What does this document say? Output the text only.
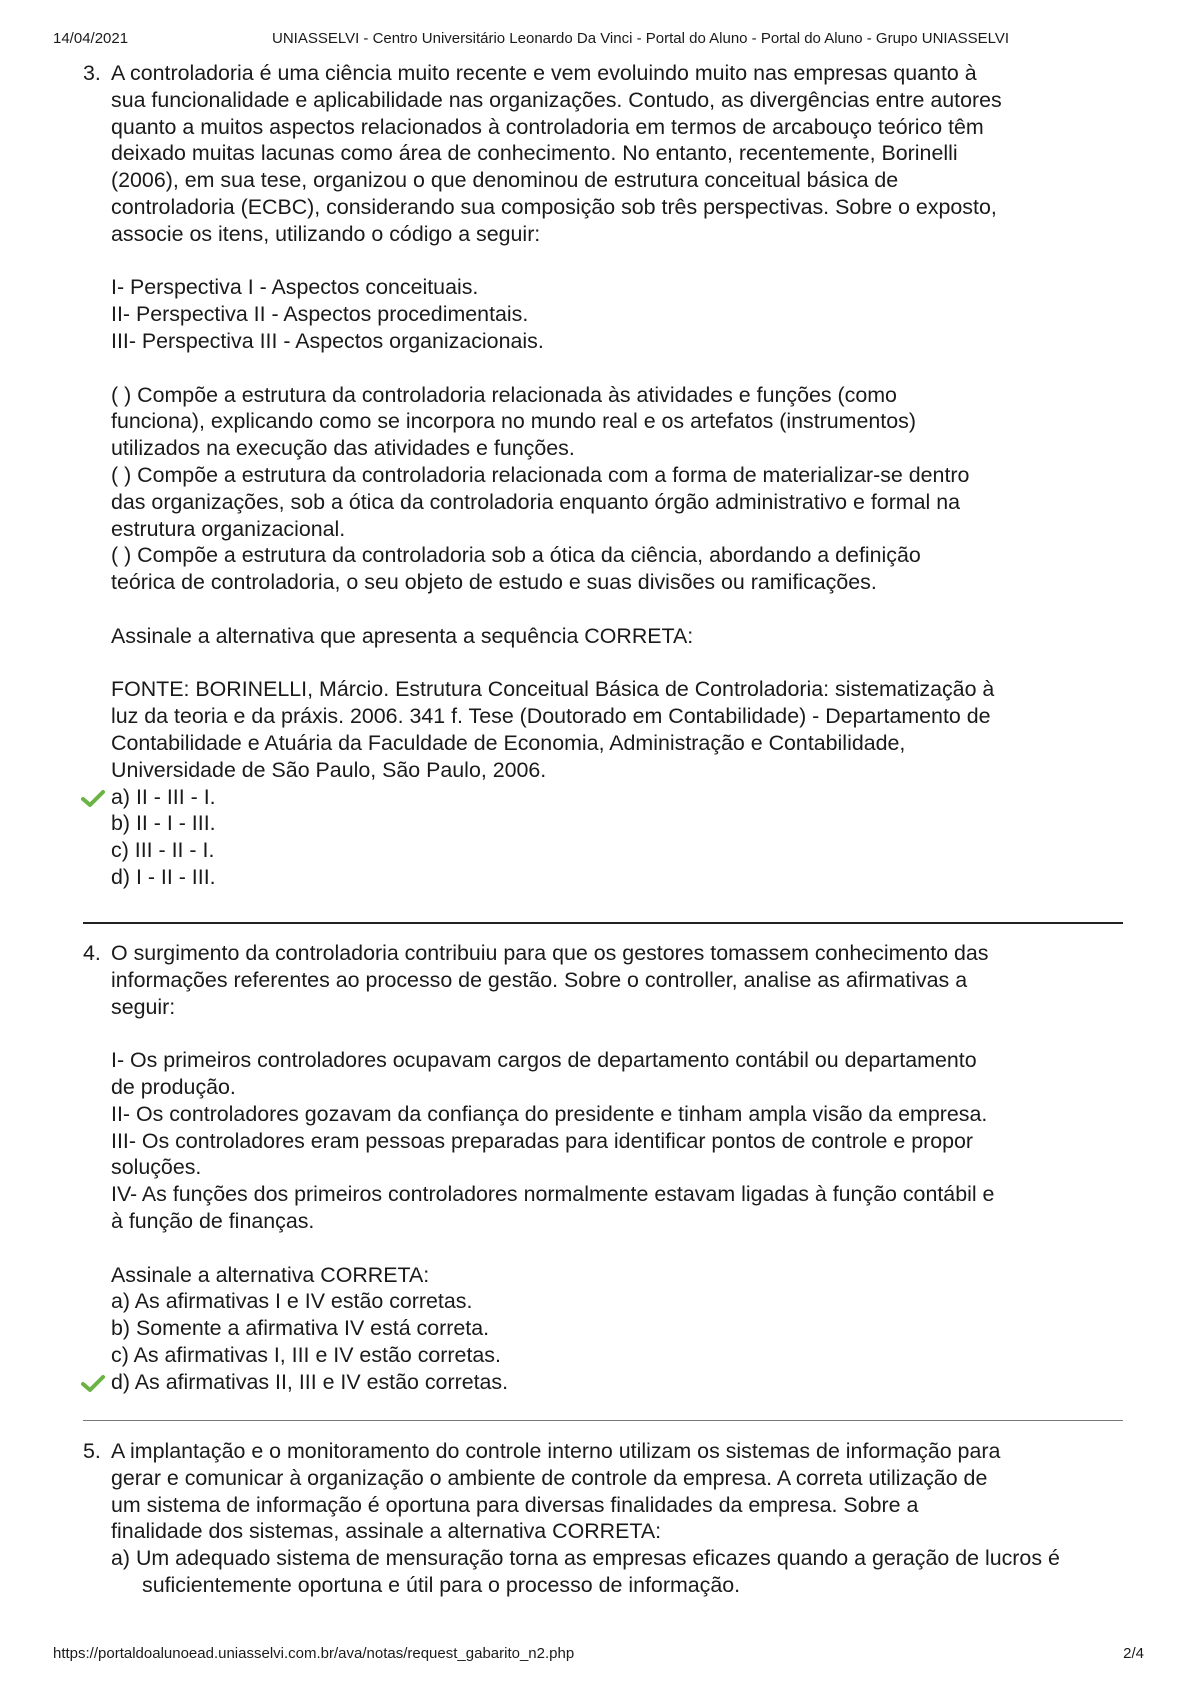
14/04/2021	UNIASSELVI - Centro Universitário Leonardo Da Vinci - Portal do Aluno - Portal do Aluno - Grupo UNIASSELVI
3. A controladoria é uma ciência muito recente e vem evoluindo muito nas empresas quanto à

sua funcionalidade e aplicabilidade nas organizações. Contudo, as divergências entre autores

quanto a muitos aspectos relacionados à controladoria em termos de arcabouço teórico têm

deixado muitas lacunas como área de conhecimento. No entanto, recentemente, Borinelli

(2006), em sua tese, organizou o que denominou de estrutura conceitual básica de

controladoria (ECBC), considerando sua composição sob três perspectivas. Sobre o exposto,

associe os itens, utilizando o código a seguir:

I- Perspectiva I - Aspectos conceituais.

II- Perspectiva II - Aspectos procedimentais.

III- Perspectiva III - Aspectos organizacionais.

( ) Compõe a estrutura da controladoria relacionada às atividades e funções (como

funciona), explicando como se incorpora no mundo real e os artefatos (instrumentos)

utilizados na execução das atividades e funções.

( ) Compõe a estrutura da controladoria relacionada com a forma de materializar-se dentro

das organizações, sob a ótica da controladoria enquanto órgão administrativo e formal na

estrutura organizacional.

( ) Compõe a estrutura da controladoria sob a ótica da ciência, abordando a definição

teórica de controladoria, o seu objeto de estudo e suas divisões ou ramificações.

Assinale a alternativa que apresenta a sequência CORRETA:

FONTE: BORINELLI, Márcio. Estrutura Conceitual Básica de Controladoria: sistematização à

luz da teoria e da práxis. 2006. 341 f. Tese (Doutorado em Contabilidade) - Departamento de

Contabilidade e Atuária da Faculdade de Economia, Administração e Contabilidade,

Universidade de São Paulo, São Paulo, 2006.

a) II - III - I.
b) II - I - III.
c) III - II - I.
d) I - II - III.
4. O surgimento da controladoria contribuiu para que os gestores tomassem conhecimento das

informações referentes ao processo de gestão. Sobre o controller, analise as afirmativas a

seguir:

I- Os primeiros controladores ocupavam cargos de departamento contábil ou departamento

de produção.

II- Os controladores gozavam da confiança do presidente e tinham ampla visão da empresa.

III- Os controladores eram pessoas preparadas para identificar pontos de controle e propor

soluções.

IV- As funções dos primeiros controladores normalmente estavam ligadas à função contábil e

à função de finanças.

Assinale a alternativa CORRETA:

a) As afirmativas I e IV estão corretas.
b) Somente a afirmativa IV está correta.
c) As afirmativas I, III e IV estão corretas.
d) As afirmativas II, III e IV estão corretas.
5. A implantação e o monitoramento do controle interno utilizam os sistemas de informação para

gerar e comunicar à organização o ambiente de controle da empresa. A correta utilização de

um sistema de informação é oportuna para diversas finalidades da empresa. Sobre a

finalidade dos sistemas, assinale a alternativa CORRETA:

a) Um adequado sistema de mensuração torna as empresas eficazes quando a geração de lucros é suficientemente oportuna e útil para o processo de informação.

https://portaldoalunoead.uniasselvi.com.br/ava/notas/request_gabarito_n2.php	2/4
